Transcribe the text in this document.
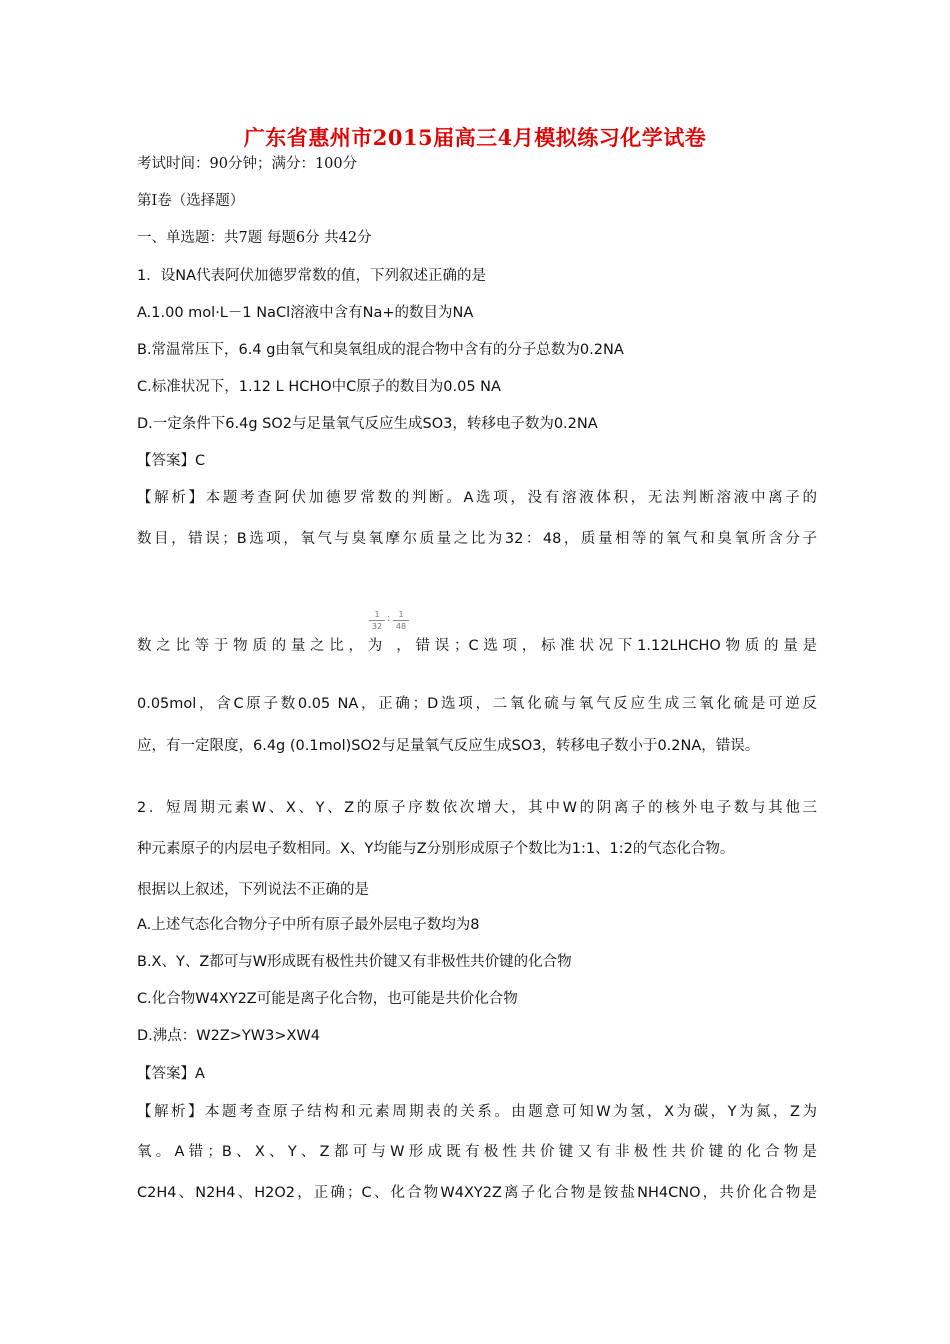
广东省惠州市2015届高三4月模拟练习化学试卷
考试时间：90分钟；满分：100分
第I卷（选择题）
一、单选题：共7题 每题6分 共42分
1．设NA代表阿伏加德罗常数的值，下列叙述正确的是
A.1.00 mol·L－1 NaCl溶液中含有Na+的数目为NA
B.常温常压下，6.4 g由氧气和臭氧组成的混合物中含有的分子总数为0.2NA
C.标准状况下，1.12 L HCHO中C原子的数目为0.05 NA
D.一定条件下6.4g SO2与足量氧气反应生成SO3，转移电子数为0.2NA
【答案】C
【解析】本题考查阿伏加德罗常数的判断。A选项，没有溶液体积，无法判断溶液中离子的
数目，错误；B选项，氧气与臭氧摩尔质量之比为32：48，质量相等的氧气和臭氧所含分子
$\frac{1}{32}$ : $\frac{1}{48}$
数之比等于物质的量之比，为 ，错误；C选项，标准状况下1.12LHCHO物质的量是
0.05mol，含C原子数0.05 NA，正确；D选项，二氧化硫与氧气反应生成三氧化硫是可逆反
应，有一定限度，6.4g (0.1mol)SO2与足量氧气反应生成SO3，转移电子数小于0.2NA，错误。
2．短周期元素W、X、Y、Z的原子序数依次增大，其中W的阴离子的核外电子数与其他三
种元素原子的内层电子数相同。X、Y均能与Z分别形成原子个数比为1:1、1:2的气态化合物。
根据以上叙述，下列说法不正确的是
A.上述气态化合物分子中所有原子最外层电子数均为8
B.X、Y、Z都可与W形成既有极性共价键又有非极性共价键的化合物
C.化合物W4XY2Z可能是离子化合物，也可能是共价化合物
D.沸点：W2Z>YW3>XW4
【答案】A
【解析】本题考查原子结构和元素周期表的关系。由题意可知W为氢，X为碳，Y为氮，Z为
氧。A错；B、X、Y、Z都可与W形成既有极性共价键又有非极性共价键的化合物是
C2H4、N2H4、H2O2，正确；C、化合物W4XY2Z离子化合物是铵盐NH4CNO，共价化合物是
